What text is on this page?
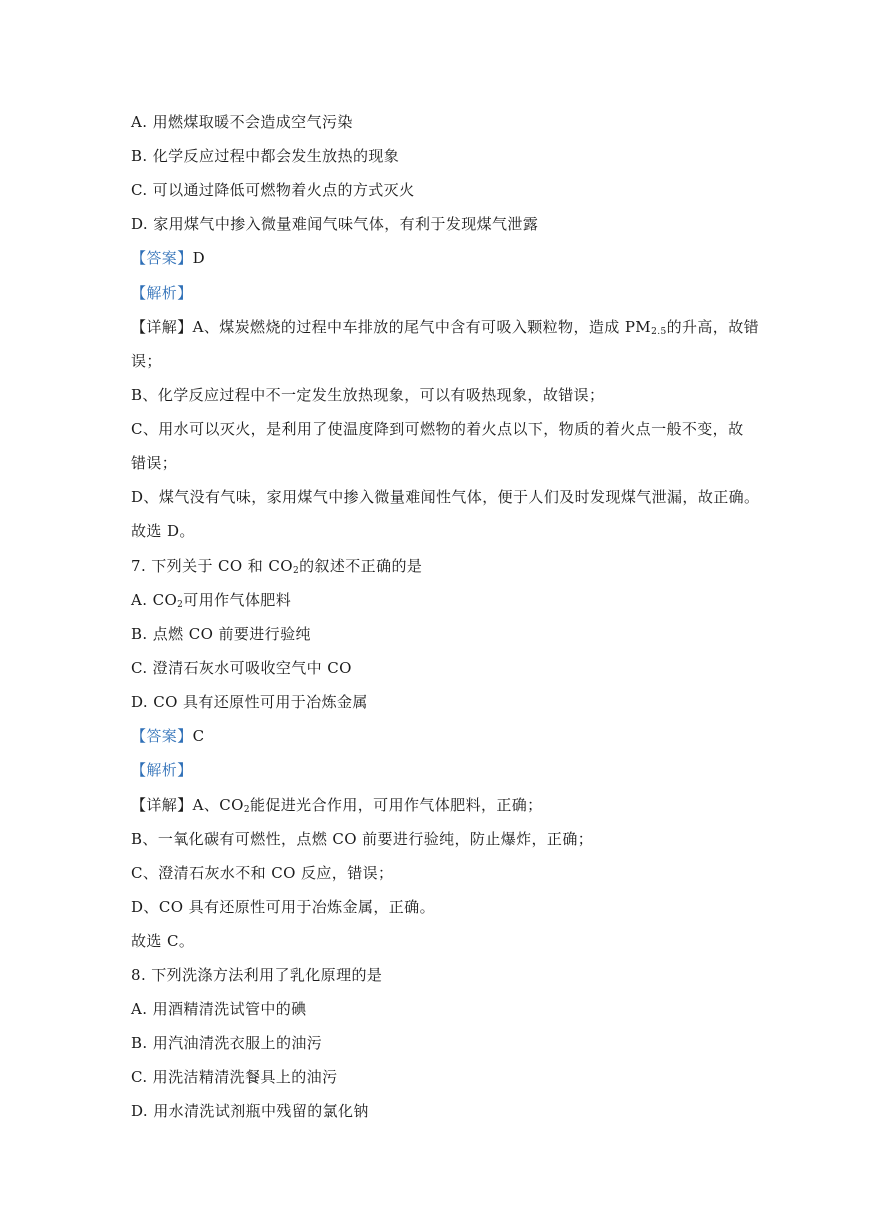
A. 用燃煤取暖不会造成空气污染
B. 化学反应过程中都会发生放热的现象
C. 可以通过降低可燃物着火点的方式灭火
D. 家用煤气中掺入微量难闻气味气体，有利于发现煤气泄露
【答案】D
【解析】
【详解】A、煤炭燃烧的过程中车排放的尾气中含有可吸入颗粒物，造成 $PM_{2.5}$的升高，故错
误；
B、化学反应过程中不一定发生放热现象，可以有吸热现象，故错误；
C、用水可以灭火，是利用了使温度降到可燃物的着火点以下，物质的着火点一般不变，故
错误；
D、煤气没有气味，家用煤气中掺入微量难闻性气体，便于人们及时发现煤气泄漏，故正确。
故选 D。
7. 下列关于 CO 和 $CO_2$的叙述不正确的是
A. $CO_2$可用作气体肥料
B. 点燃 CO 前要进行验纯
C. 澄清石灰水可吸收空气中 CO
D. CO 具有还原性可用于冶炼金属
【答案】C
【解析】
【详解】A、$CO_2$能促进光合作用，可用作气体肥料，正确；
B、一氧化碳有可燃性，点燃 CO 前要进行验纯，防止爆炸，正确；
C、澄清石灰水不和 CO 反应，错误；
D、CO 具有还原性可用于冶炼金属，正确。
故选 C。
8. 下列洗涤方法利用了乳化原理的是
A. 用酒精清洗试管中的碘
B. 用汽油清洗衣服上的油污
C. 用洗洁精清洗餐具上的油污
D. 用水清洗试剂瓶中残留的氯化钠
